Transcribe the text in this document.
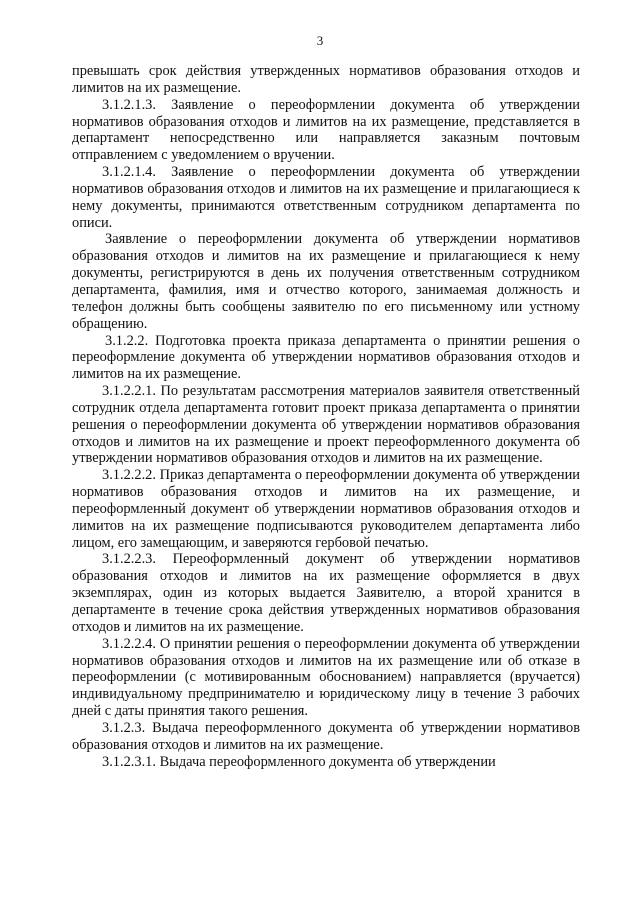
3

превышать срок действия утвержденных нормативов образования отходов и лимитов на их размещение.

3.1.2.1.3. Заявление о переоформлении документа об утверждении нормативов образования отходов и лимитов на их размещение, представляется в департамент непосредственно или направляется заказным почтовым отправлением с уведомлением о вручении.

3.1.2.1.4. Заявление о переоформлении документа об утверждении нормативов образования отходов и лимитов на их размещение и прилагающиеся к нему документы, принимаются ответственным сотрудником департамента по описи.

Заявление о переоформлении документа об утверждении нормативов образования отходов и лимитов на их размещение и прилагающиеся к нему документы, регистрируются в день их получения ответственным сотрудником департамента, фамилия, имя и отчество которого, занимаемая должность и телефон должны быть сообщены заявителю по его письменному или устному обращению.

3.1.2.2. Подготовка проекта приказа департамента о принятии решения о переоформление документа об утверждении нормативов образования отходов и лимитов на их размещение.

3.1.2.2.1. По результатам рассмотрения материалов заявителя ответственный сотрудник отдела департамента готовит проект приказа департамента о принятии решения о переоформлении документа об утверждении нормативов образования отходов и лимитов на их размещение и проект переоформленного документа об утверждении нормативов образования отходов и лимитов на их размещение.

3.1.2.2.2. Приказ департамента о переоформлении документа об утверждении нормативов образования отходов и лимитов на их размещение, и переоформленный документ об утверждении нормативов образования отходов и лимитов на их размещение подписываются руководителем департамента либо лицом, его замещающим, и заверяются гербовой печатью.

3.1.2.2.3. Переоформленный документ об утверждении нормативов образования отходов и лимитов на их размещение оформляется в двух экземплярах, один из которых выдается Заявителю, а второй хранится в департаменте в течение срока действия утвержденных нормативов образования отходов и лимитов на их размещение.

3.1.2.2.4. О принятии решения о переоформлении документа об утверждении нормативов образования отходов и лимитов на их размещение или об отказе в переоформлении (с мотивированным обоснованием) направляется (вручается) индивидуальному предпринимателю и юридическому лицу в течение 3 рабочих дней с даты принятия такого решения.

3.1.2.3. Выдача переоформленного документа об утверждении нормативов образования отходов и лимитов на их размещение.

3.1.2.3.1. Выдача переоформленного документа об утверждении
